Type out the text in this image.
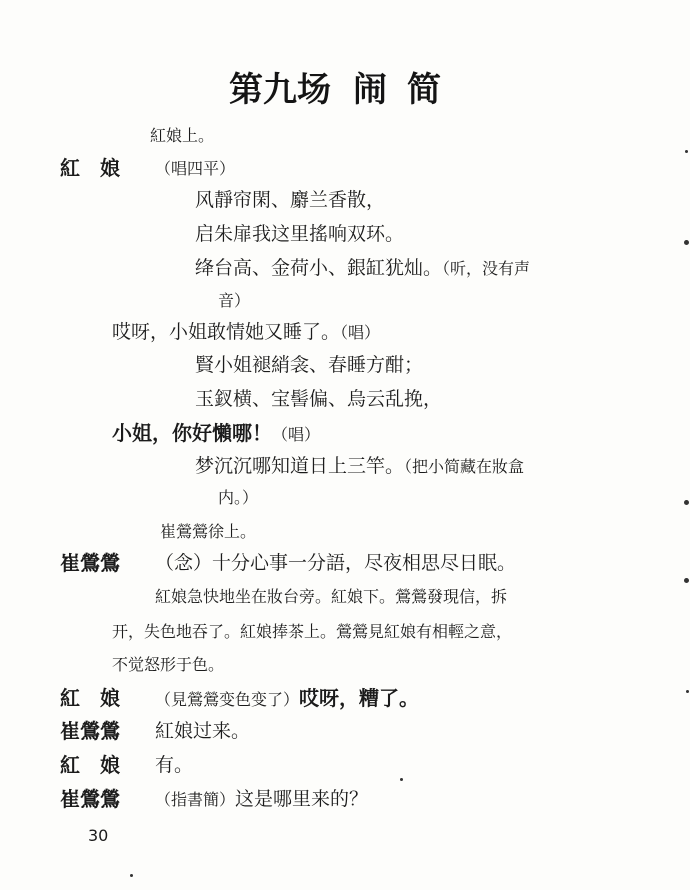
第九场 闹简
紅娘上。
紅娘 （唱四平）
风靜帘閑、麝兰香散，
启朱扉我这里搖响双环。
绛台高、金荷小、銀缸犹灿。（听，没有声
音）
哎呀，小姐敢情她又睡了。（唱）
賢小姐褪綃衾、春睡方酣；
玉釵横、宝髻偏、烏云乱挽，
小姐，你好懶哪！（唱）
梦沉沉哪知道日上三竿。（把小简藏在妝盒
内。）
崔鶯鶯徐上。
崔鶯鶯 （念）十分心事一分語，尽夜相思尽日眠。
紅娘急快地坐在妝台旁。紅娘下。鶯鶯發現信，拆
开，失色地吞了。紅娘捧茶上。鶯鶯見紅娘有相輕之意，
不觉怒形于色。
紅娘 （見鶯鶯变色变了）哎呀，糟了。
崔鶯鶯 紅娘过来。
紅娘 有。
崔鶯鶯 （指書簡）这是哪里来的？
30
